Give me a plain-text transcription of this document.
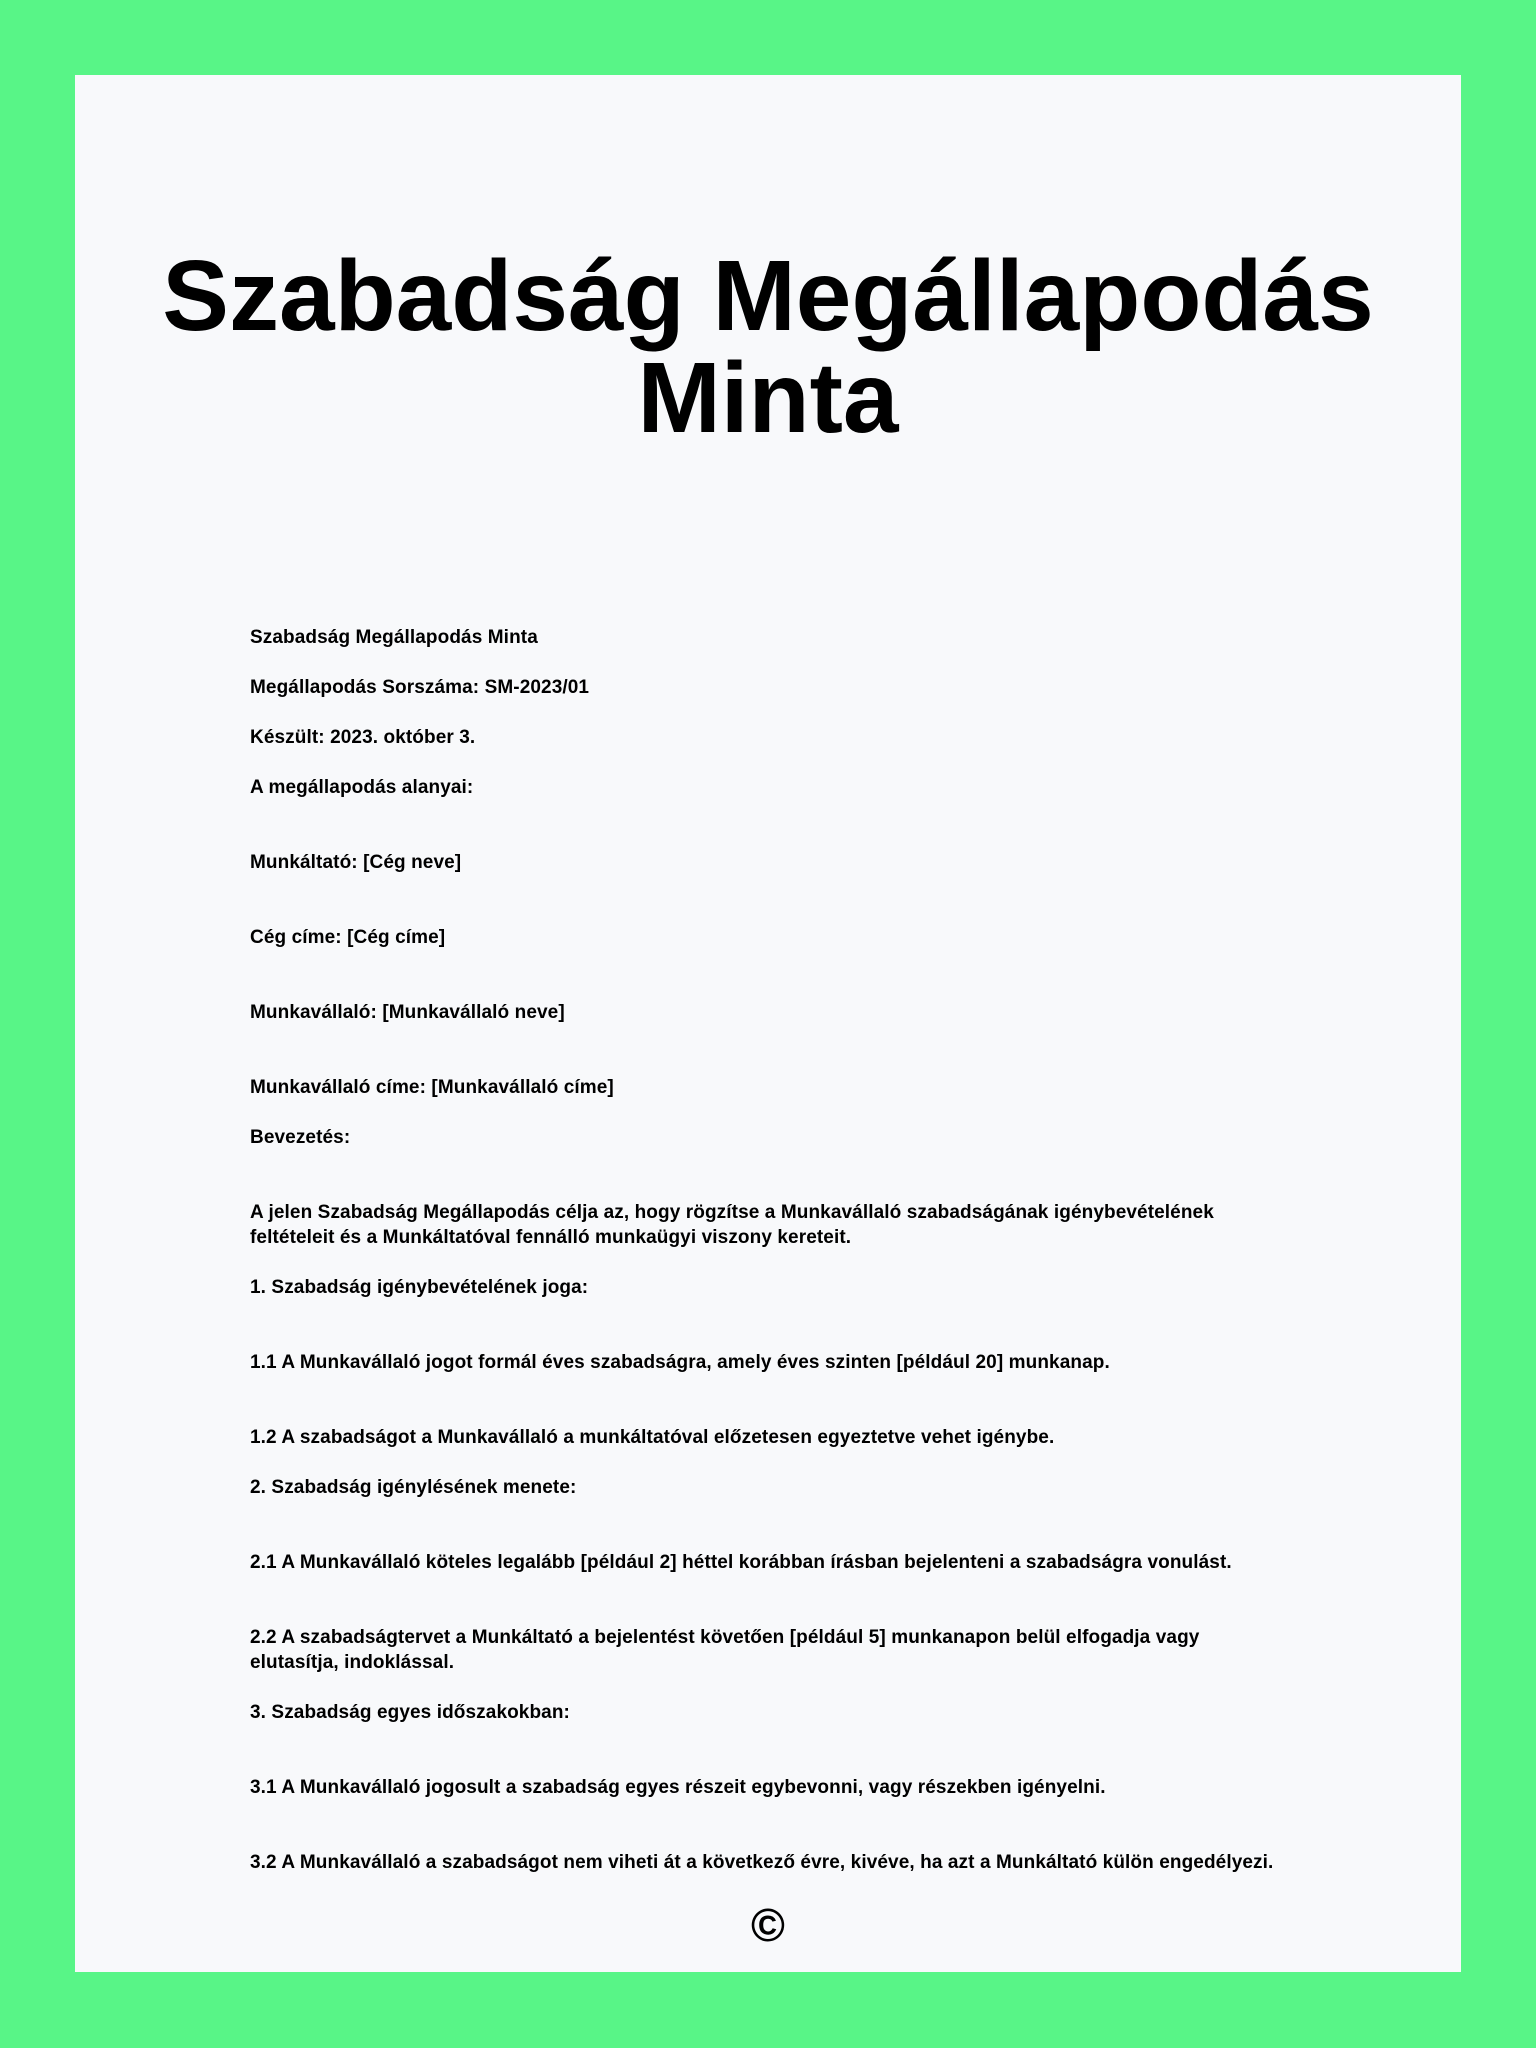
Szabadság Megállapodás Minta

Szabadság Megállapodás Minta

Megállapodás Sorszáma: SM-2023/01

Készült: 2023. október 3.

A megállapodás alanyai:

Munkáltató: [Cég neve]

Cég címe: [Cég címe]

Munkavállaló: [Munkavállaló neve]

Munkavállaló címe: [Munkavállaló címe]

Bevezetés:

A jelen Szabadság Megállapodás célja az, hogy rögzítse a Munkavállaló szabadságának igénybevételének feltételeit és a Munkáltatóval fennálló munkaügyi viszony kereteit.

1. Szabadság igénybevételének joga:

1.1 A Munkavállaló jogot formál éves szabadságra, amely éves szinten [például 20] munkanap.

1.2 A szabadságot a Munkavállaló a munkáltatóval előzetesen egyeztetve vehet igénybe.

2. Szabadság igénylésének menete:

2.1 A Munkavállaló köteles legalább [például 2] héttel korábban írásban bejelenteni a szabadságra vonulást.

2.2 A szabadságtervet a Munkáltató a bejelentést követően [például 5] munkanapon belül elfogadja vagy elutasítja, indoklással.

3. Szabadság egyes időszakokban:

3.1 A Munkavállaló jogosult a szabadság egyes részeit egybevonni, vagy részekben igényelni.

3.2 A Munkavállaló a szabadságot nem viheti át a következő évre, kivéve, ha azt a Munkáltató külön engedélyezi.

©
